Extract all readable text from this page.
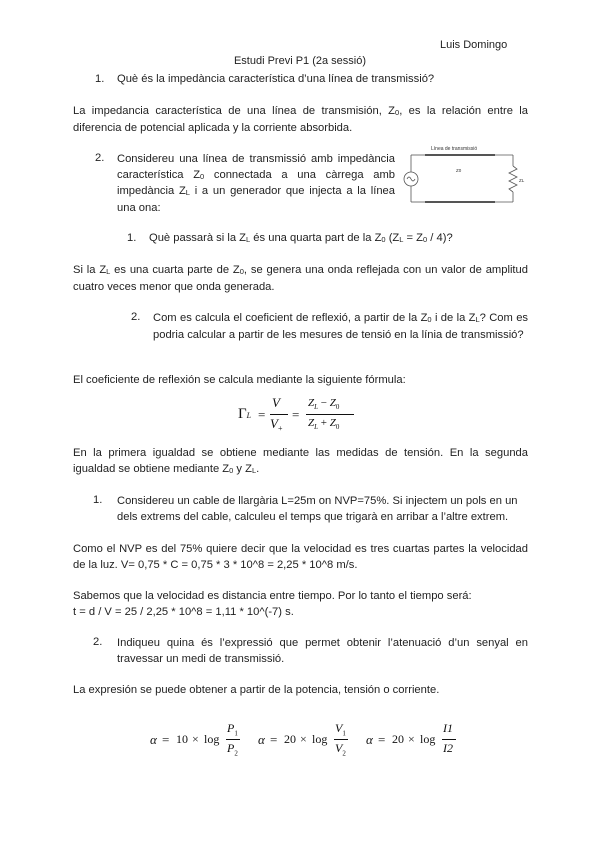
Luis Domingo
Estudi Previ P1 (2a sessió)
1. Què és la impedància característica d’una línea de transmissió?
La impedancia característica de una línea de transmisión, Z0, es la relación entre la diferencia de potencial aplicada y la corriente absorbida.
2.	Considereu una línea de transmissió amb impedància característica Z0 connectada a una càrrega amb impedància ZL i a un generador que injecta a la línea una ona:
Línea de transmissió
Z0
ZL
1. Què passarà si la ZL és una quarta part de la Z0 (ZL = Z0 / 4)?
Si la ZL es una cuarta parte de Z0, se genera una onda reflejada con un valor de amplitud cuatro veces menor que onda generada.
2.	Com es calcula el coeficient de reflexió, a partir de la Z0 i de la ZL? Com es podria calcular a partir de les mesures de tensió en la línia de transmissió?
El coeficiente de reflexión se calcula mediante la siguiente fórmula:
ΓL =
V
$V_+$
=
$Z_L - Z_0$
$Z_L + Z_0$
En la primera igualdad se obtiene mediante las medidas de tensión. En la segunda igualdad se obtiene mediante Z0 y ZL.
1.	Considereu un cable de llargària L=25m on NVP=75%. Si injectem un pols en un dels extrems del cable, calculeu el temps que trigarà en arribar a l’altre extrem.
Como el NVP es del 75% quiere decir que la velocidad es tres cuartas partes la velocidad de la luz. V= 0,75 * C = 0,75 * 3 * 10^8 = 2,25 * 10^8 m/s.
Sabemos que la velocidad es distancia entre tiempo. Por lo tanto el tiempo será:
t = d / V = 25 / 2,25 * 10^8 = 1,11 * 10^(-7) s.
2.	Indiqueu quina és l’expressió que permet obtenir l’atenuació d’un senyal en travessar un medi de transmissió.
La expresión se puede obtener a partir de la potencia, tensión o corriente.
α = 10 × log
$P_1$
$P_2$
α = 20 × log
$V_1$
$V_2$
α = 20 × log
I1
I2
